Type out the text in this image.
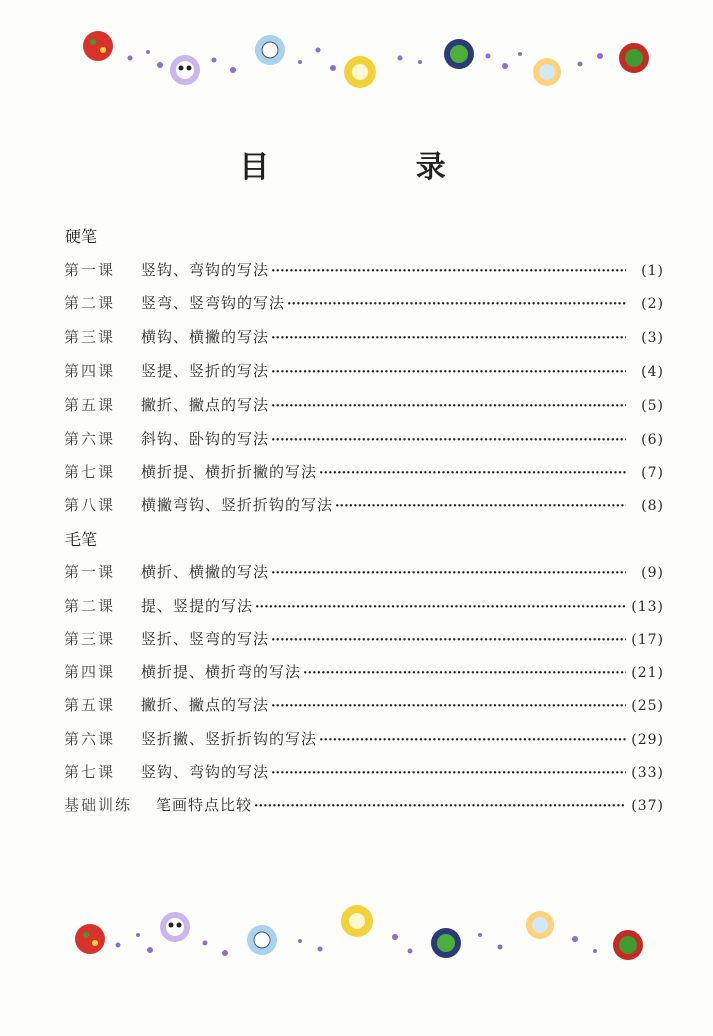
目 录
硬笔
第一课	竖钩、弯钩的写法 ·····	(1)
第二课	竖弯、竖弯钩的写法 ·····	(2)
第三课	横钩、横撇的写法 ·····	(3)
第四课	竖提、竖折的写法 ·····	(4)
第五课	撇折、撇点的写法 ·····	(5)
第六课	斜钩、卧钩的写法 ·····	(6)
第七课	横折提、横折折撇的写法 ·····	(7)
第八课	横撇弯钩、竖折折钩的写法 ·····	(8)
毛笔
第一课	横折、横撇的写法 ·····	(9)
第二课	提、竖提的写法 ·····	(13)
第三课	竖折、竖弯的写法 ·····	(17)
第四课	横折提、横折弯的写法 ·····	(21)
第五课	撇折、撇点的写法 ·····	(25)
第六课	竖折撇、竖折折钩的写法 ·····	(29)
第七课	竖钩、弯钩的写法 ·····	(33)
基础训练	笔画特点比较 ·····	(37)
